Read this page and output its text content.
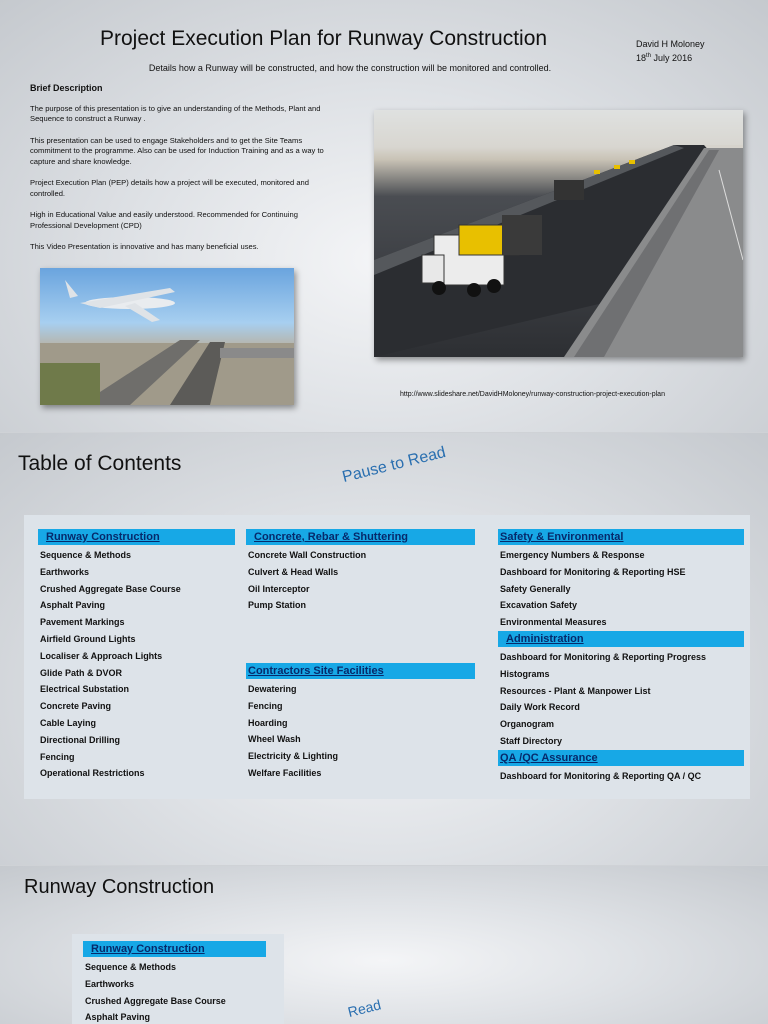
Project Execution Plan for Runway Construction	David H Moloney
18th July 2016
Details how a Runway will be constructed, and how the construction will be monitored and controlled.
Brief Description

The purpose of this presentation is to give an understanding of the Methods, Plant and Sequence to construct a Runway .

This presentation can be used to engage Stakeholders and to get the Site Teams commitment to the programme. Also can be used for Induction Training and as a way to capture and share knowledge.

Project Execution Plan (PEP) details how a project will be executed, monitored and controlled.

High in Educational Value and easily understood. Recommended for Continuing Professional Development (CPD)

This Video Presentation is innovative and has many beneficial uses.

http://www.slideshare.net/DavidHMoloney/runway-construction-project-execution-plan
Table of Contents	Pause to Read
Runway Construction
Sequence & Methods
Earthworks
Crushed Aggregate Base Course
Asphalt Paving
Pavement Markings
Airfield Ground Lights
Localiser & Approach Lights
Glide Path & DVOR
Electrical Substation
Concrete Paving
Cable Laying
Directional Drilling
Fencing
Operational Restrictions
Concrete, Rebar & Shuttering
Concrete Wall Construction
Culvert & Head Walls
Oil Interceptor
Pump Station
Contractors Site Facilities
Dewatering
Fencing
Hoarding
Wheel Wash
Electricity & Lighting
Welfare Facilities
Safety & Environmental
Emergency Numbers & Response
Dashboard for Monitoring & Reporting HSE
Safety Generally
Excavation Safety
Environmental Measures
Administration
Dashboard for Monitoring & Reporting Progress
Histograms
Resources - Plant & Manpower List
Daily Work Record
Organogram
Staff Directory
QA /QC Assurance
Dashboard for Monitoring & Reporting QA / QC
Runway Construction
Runway Construction
Sequence & Methods
Earthworks
Crushed Aggregate Base Course
Asphalt Paving	Read
